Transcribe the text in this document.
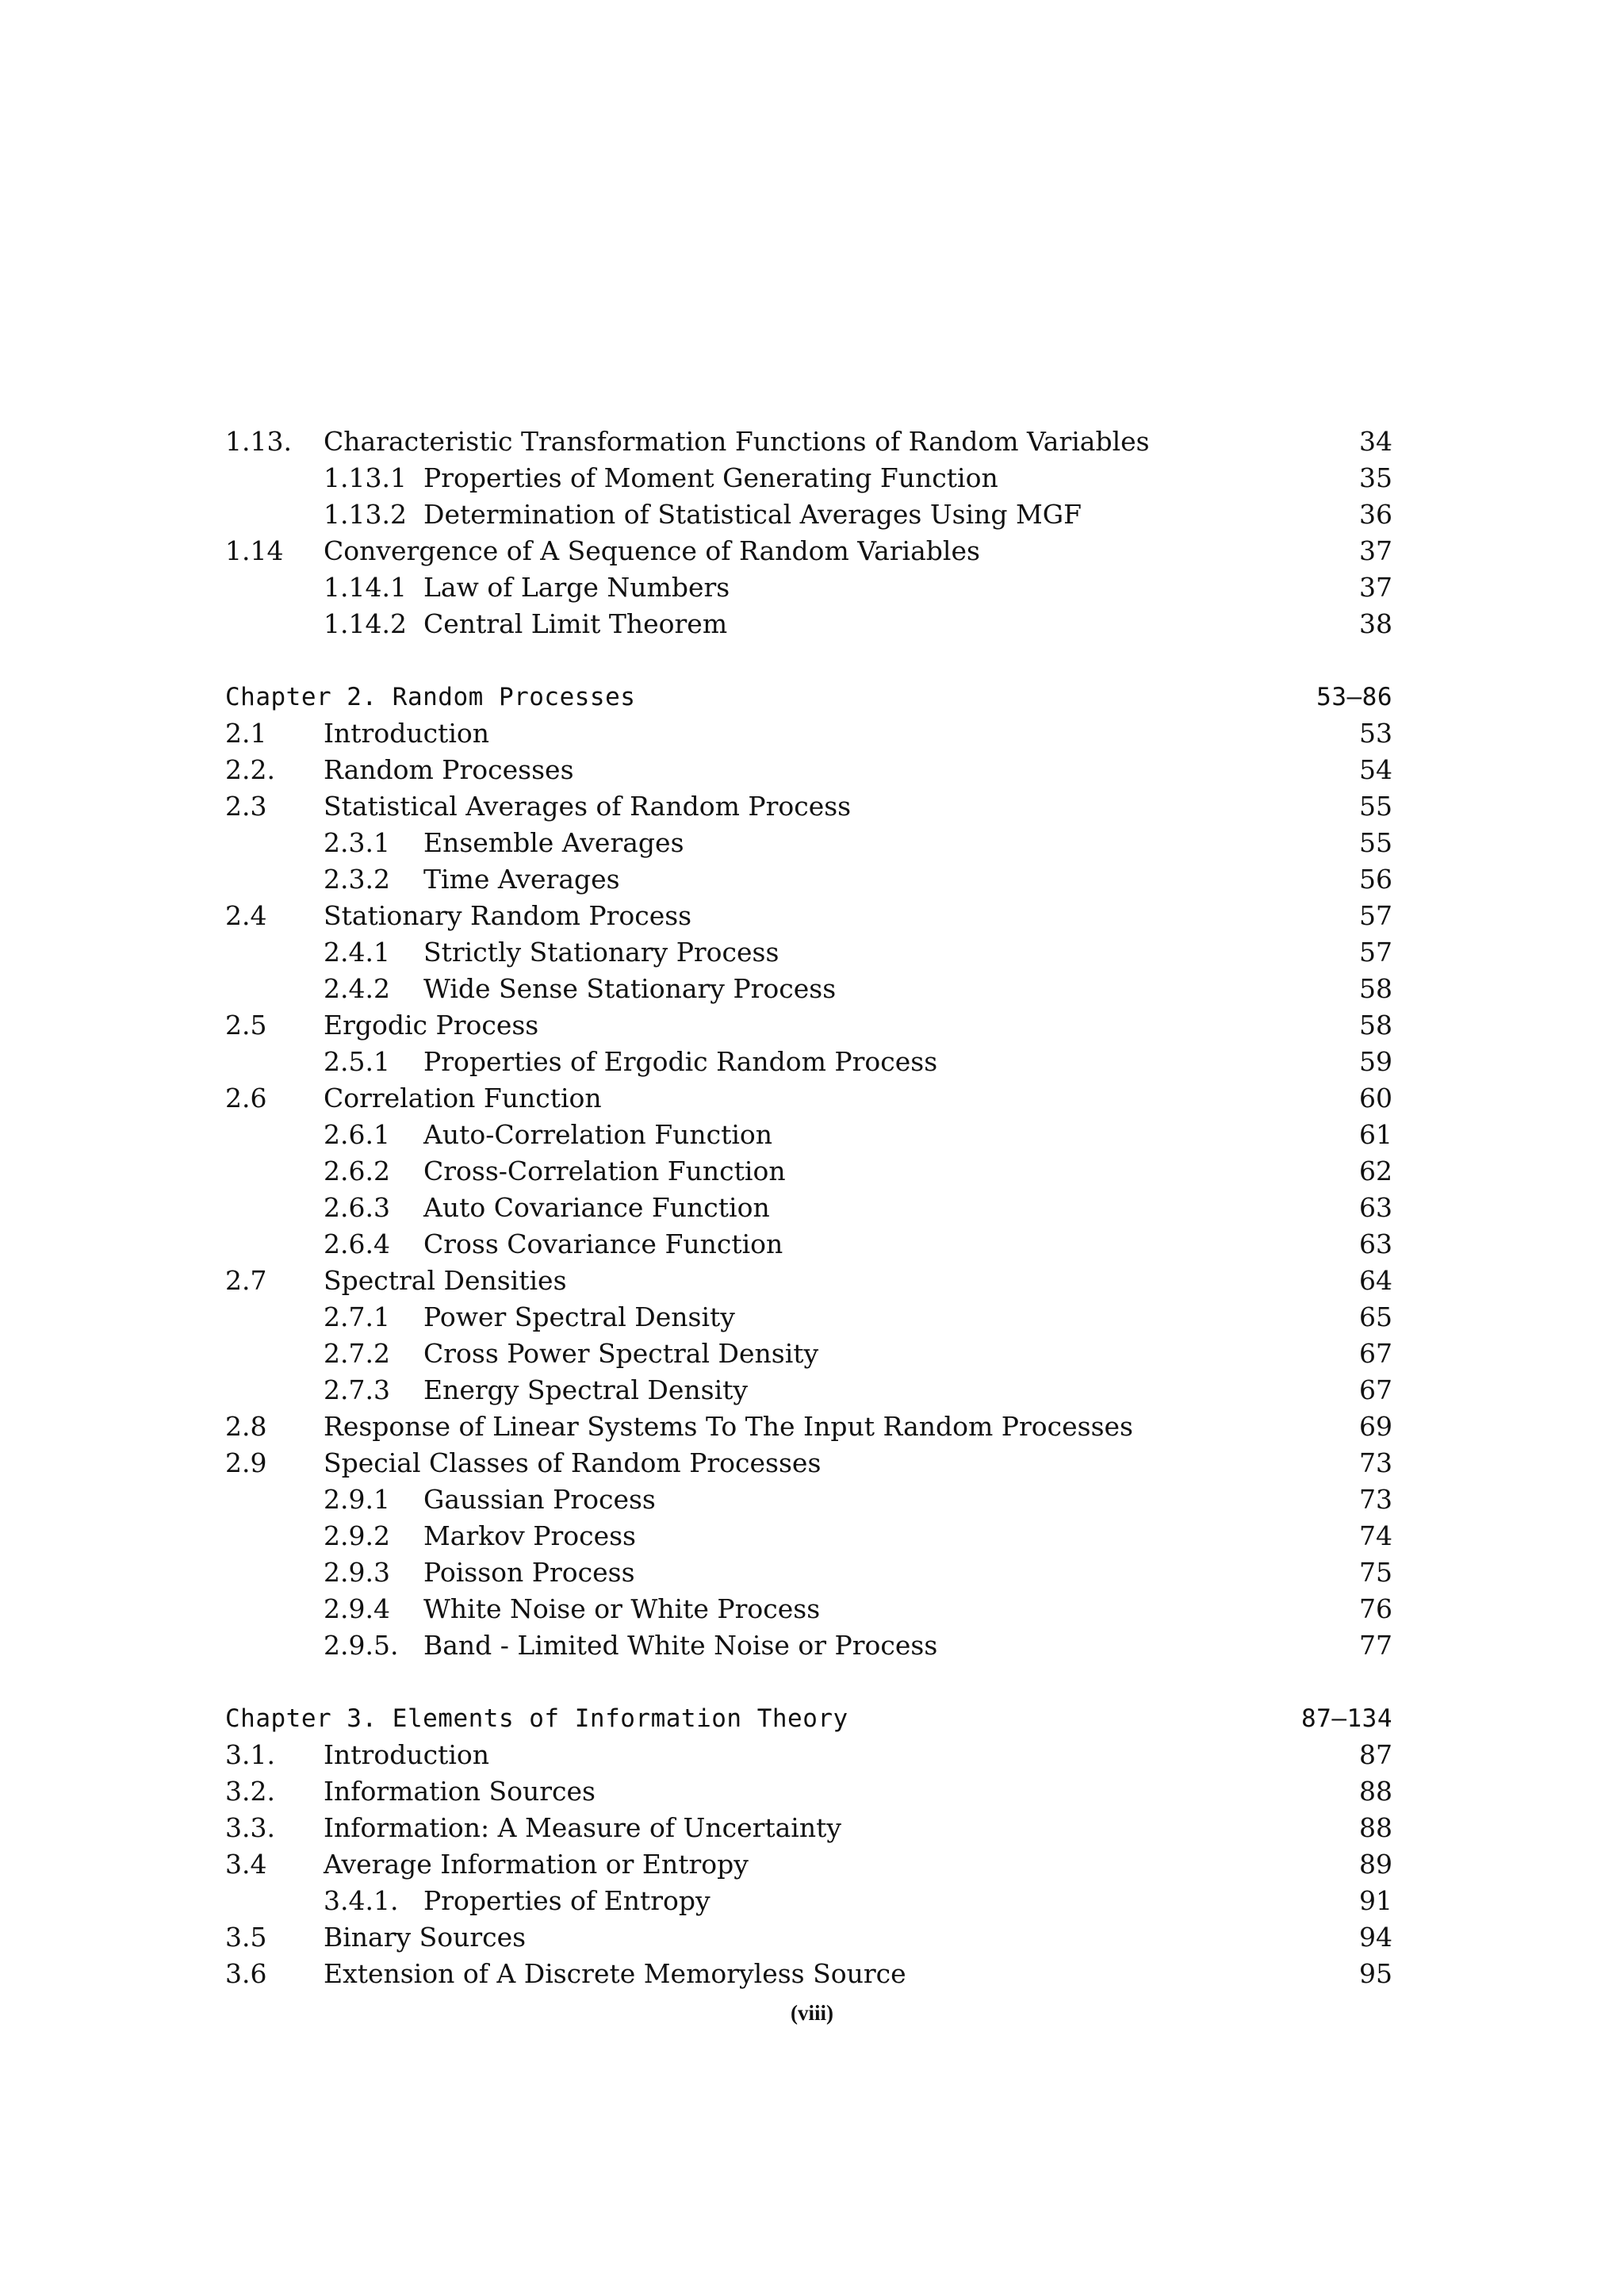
1.13. Characteristic Transformation Functions of Random Variables	34
1.13.1 Properties of Moment Generating Function	35
1.13.2 Determination of Statistical Averages Using MGF	36
1.14 Convergence of A Sequence of Random Variables	37
1.14.1 Law of Large Numbers	37
1.14.2 Central Limit Theorem	38
Chapter 2. Random Processes	53–86
2.1 Introduction	53
2.2. Random Processes	54
2.3 Statistical Averages of Random Process	55
2.3.1 Ensemble Averages	55
2.3.2 Time Averages	56
2.4 Stationary Random Process	57
2.4.1 Strictly Stationary Process	57
2.4.2 Wide Sense Stationary Process	58
2.5 Ergodic Process	58
2.5.1 Properties of Ergodic Random Process	59
2.6 Correlation Function	60
2.6.1 Auto-Correlation Function	61
2.6.2 Cross-Correlation Function	62
2.6.3 Auto Covariance Function	63
2.6.4 Cross Covariance Function	63
2.7 Spectral Densities	64
2.7.1 Power Spectral Density	65
2.7.2 Cross Power Spectral Density	67
2.7.3 Energy Spectral Density	67
2.8 Response of Linear Systems To The Input Random Processes	69
2.9 Special Classes of Random Processes	73
2.9.1 Gaussian Process	73
2.9.2 Markov Process	74
2.9.3 Poisson Process	75
2.9.4 White Noise or White Process	76
2.9.5. Band - Limited White Noise or Process	77
Chapter 3. Elements of Information Theory	87–134
3.1. Introduction	87
3.2. Information Sources	88
3.3. Information: A Measure of Uncertainty	88
3.4 Average Information or Entropy	89
3.4.1. Properties of Entropy	91
3.5 Binary Sources	94
3.6 Extension of A Discrete Memoryless Source	95
(viii)
